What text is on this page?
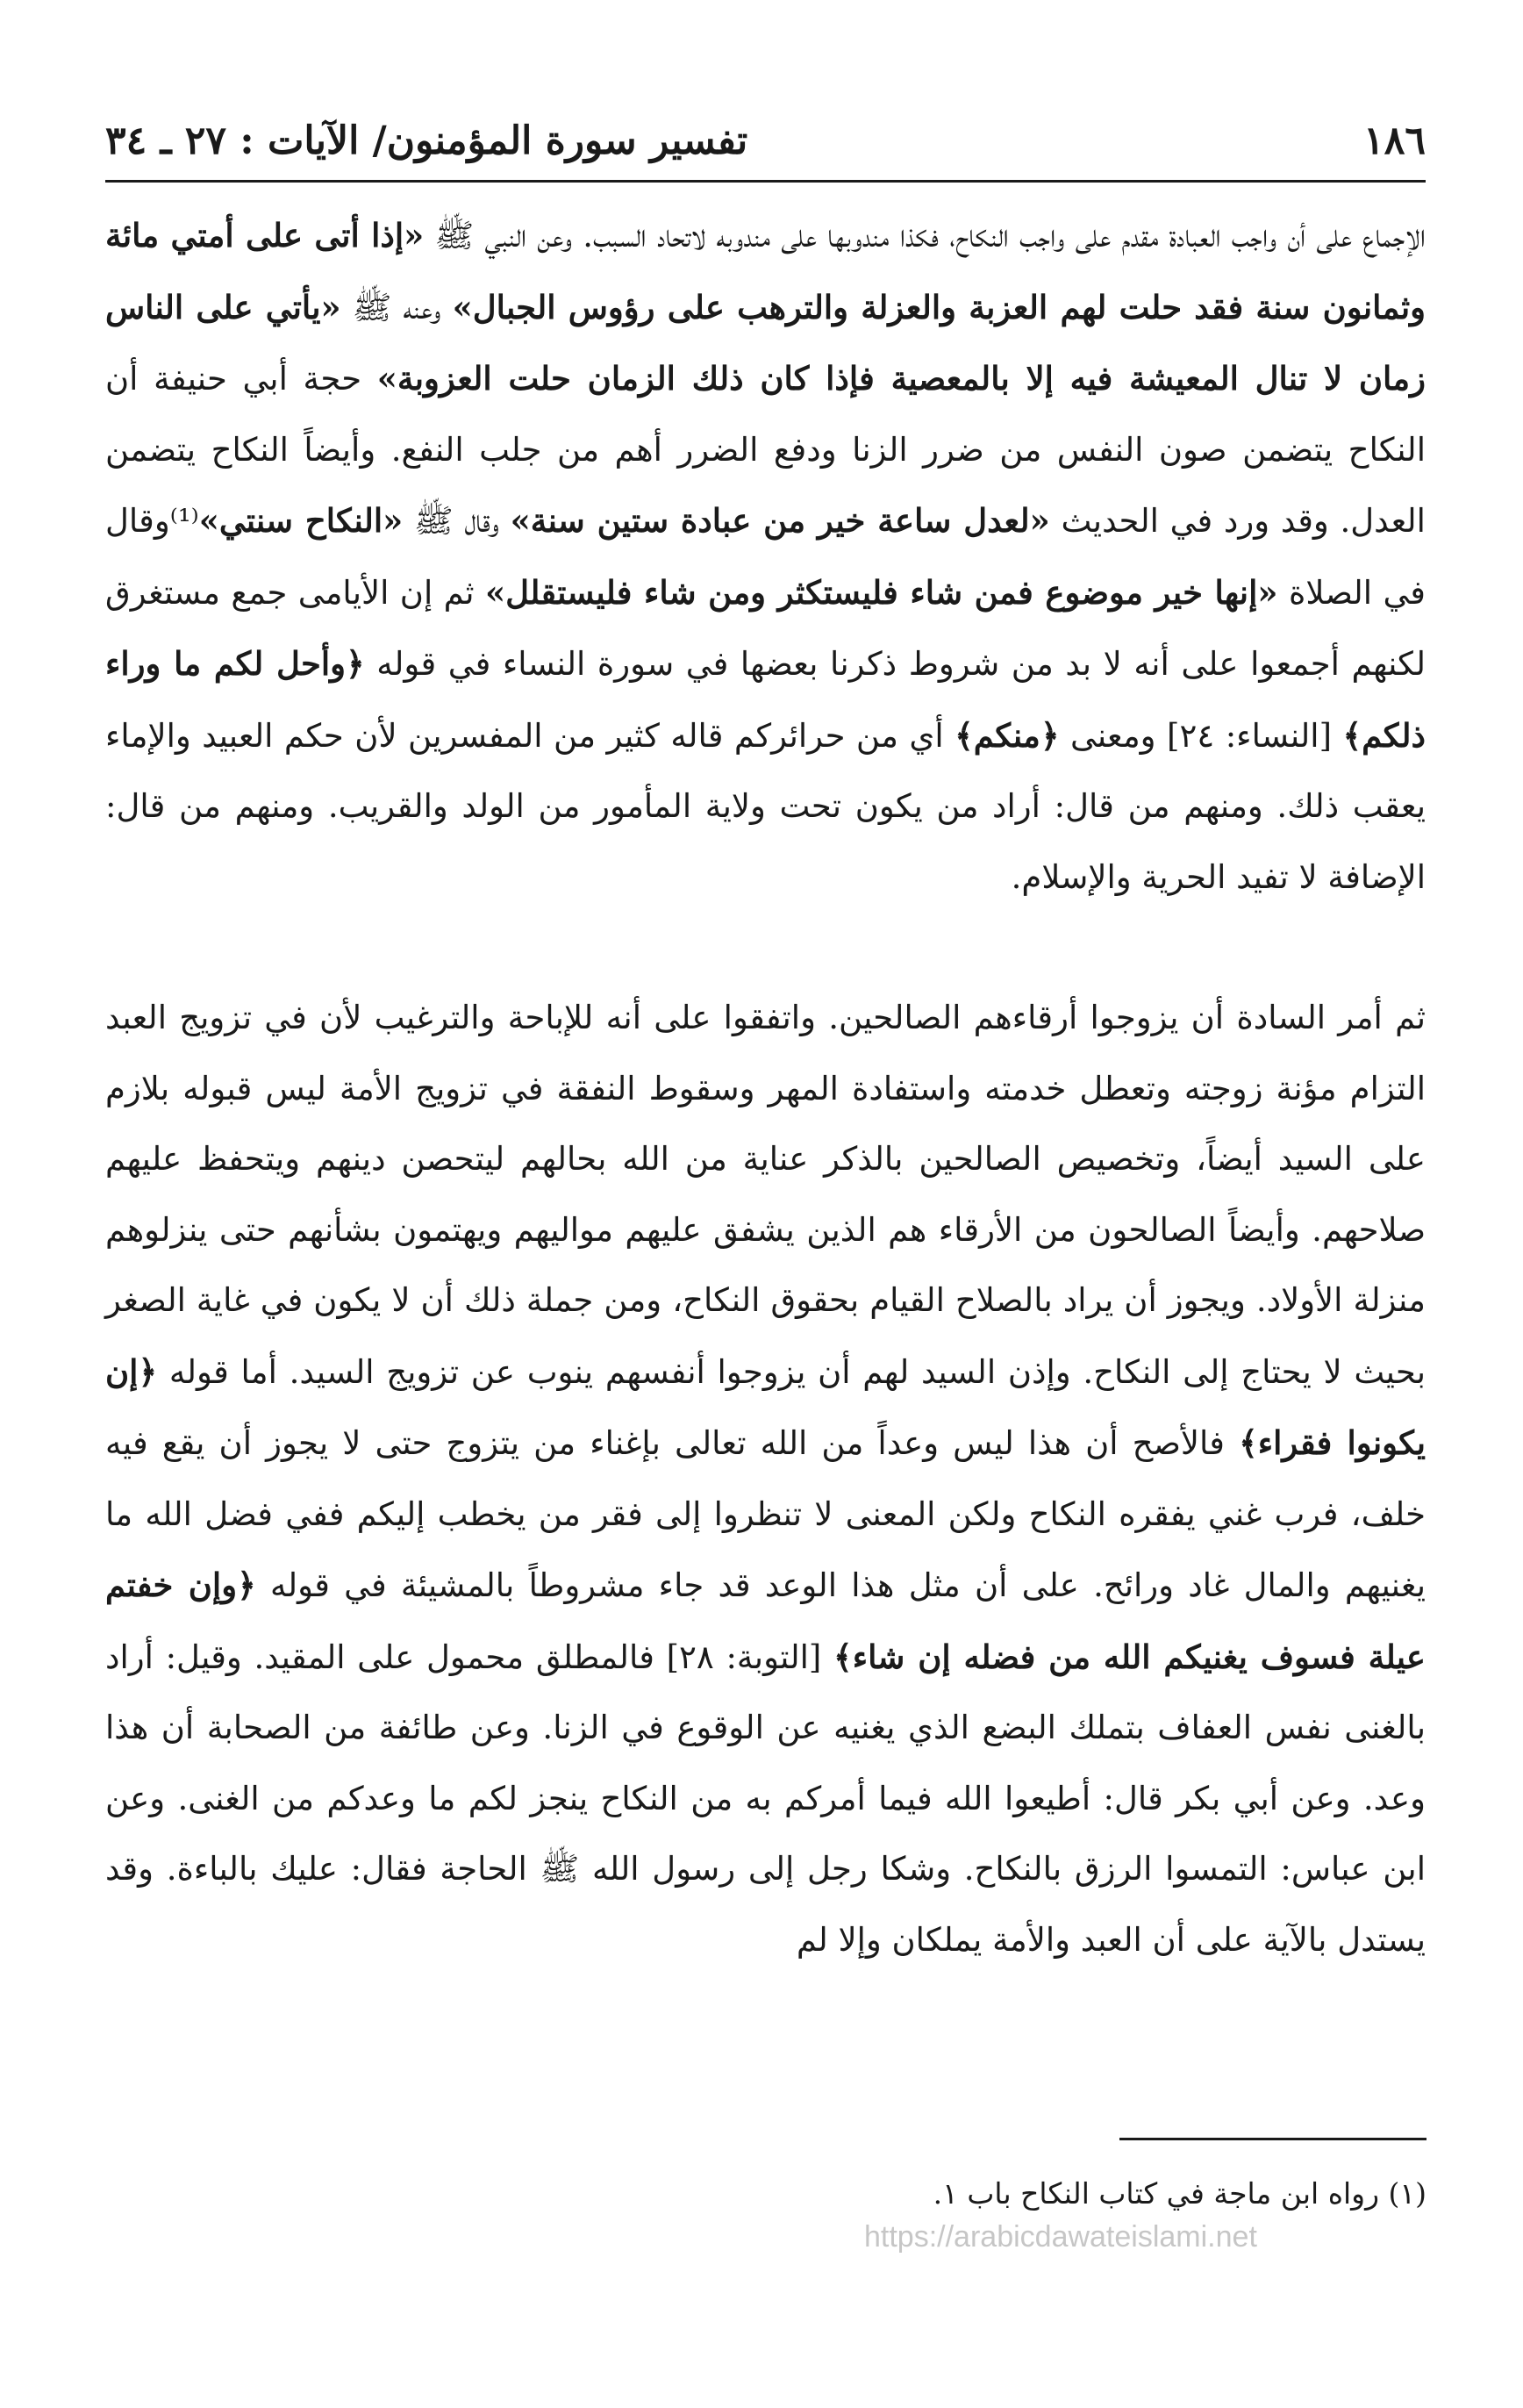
١٨٦
تفسير سورة المؤمنون/ الآيات : ٢٧ ـ ٣٤

الإجماع على أن واجب العبادة مقدم على واجب النكاح، فكذا مندوبها على مندوبه لاتحاد السبب. وعن النبي ﷺ «إذا أتى على أمتي مائة وثمانون سنة فقد حلت لهم العزبة والعزلة والترهب على رؤوس الجبال» وعنه ﷺ «يأتي على الناس زمان لا تنال المعيشة فيه إلا بالمعصية فإذا كان ذلك الزمان حلت العزوبة» حجة أبي حنيفة أن النكاح يتضمن صون النفس من ضرر الزنا ودفع الضرر أهم من جلب النفع. وأيضاً النكاح يتضمن العدل. وقد ورد في الحديث «لعدل ساعة خير من عبادة ستين سنة» وقال ﷺ «النكاح سنتي»⁽¹⁾وقال في الصلاة «إنها خير موضوع فمن شاء فليستكثر ومن شاء فليستقلل» ثم إن الأيامى جمع مستغرق لكنهم أجمعوا على أنه لا بد من شروط ذكرنا بعضها في سورة النساء في قوله ﴿وأحل لكم ما وراء ذلكم﴾ [النساء: ٢٤] ومعنى ﴿منكم﴾ أي من حرائركم قاله كثير من المفسرين لأن حكم العبيد والإماء يعقب ذلك. ومنهم من قال: أراد من يكون تحت ولاية المأمور من الولد والقريب. ومنهم من قال: الإضافة لا تفيد الحرية والإسلام.

ثم أمر السادة أن يزوجوا أرقاءهم الصالحين. واتفقوا على أنه للإباحة والترغيب لأن في تزويج العبد التزام مؤنة زوجته وتعطل خدمته واستفادة المهر وسقوط النفقة في تزويج الأمة ليس قبوله بلازم على السيد أيضاً، وتخصيص الصالحين بالذكر عناية من الله بحالهم ليتحصن دينهم ويتحفظ عليهم صلاحهم. وأيضاً الصالحون من الأرقاء هم الذين يشفق عليهم مواليهم ويهتمون بشأنهم حتى ينزلوهم منزلة الأولاد. ويجوز أن يراد بالصلاح القيام بحقوق النكاح، ومن جملة ذلك أن لا يكون في غاية الصغر بحيث لا يحتاج إلى النكاح. وإذن السيد لهم أن يزوجوا أنفسهم ينوب عن تزويج السيد. أما قوله ﴿إن يكونوا فقراء﴾ فالأصح أن هذا ليس وعداً من الله تعالى بإغناء من يتزوج حتى لا يجوز أن يقع فيه خلف، فرب غني يفقره النكاح ولكن المعنى لا تنظروا إلى فقر من يخطب إليكم ففي فضل الله ما يغنيهم والمال غاد ورائح. على أن مثل هذا الوعد قد جاء مشروطاً بالمشيئة في قوله ﴿وإن خفتم عيلة فسوف يغنيكم الله من فضله إن شاء﴾ [التوبة: ٢٨] فالمطلق محمول على المقيد. وقيل: أراد بالغنى نفس العفاف بتملك البضع الذي يغنيه عن الوقوع في الزنا. وعن طائفة من الصحابة أن هذا وعد. وعن أبي بكر قال: أطيعوا الله فيما أمركم به من النكاح ينجز لكم ما وعدكم من الغنى. وعن ابن عباس: التمسوا الرزق بالنكاح. وشكا رجل إلى رسول الله ﷺ الحاجة فقال: عليك بالباءة. وقد يستدل بالآية على أن العبد والأمة يملكان وإلا لم

(١) رواه ابن ماجة في كتاب النكاح باب ١.
https://arabicdawateislami.net
